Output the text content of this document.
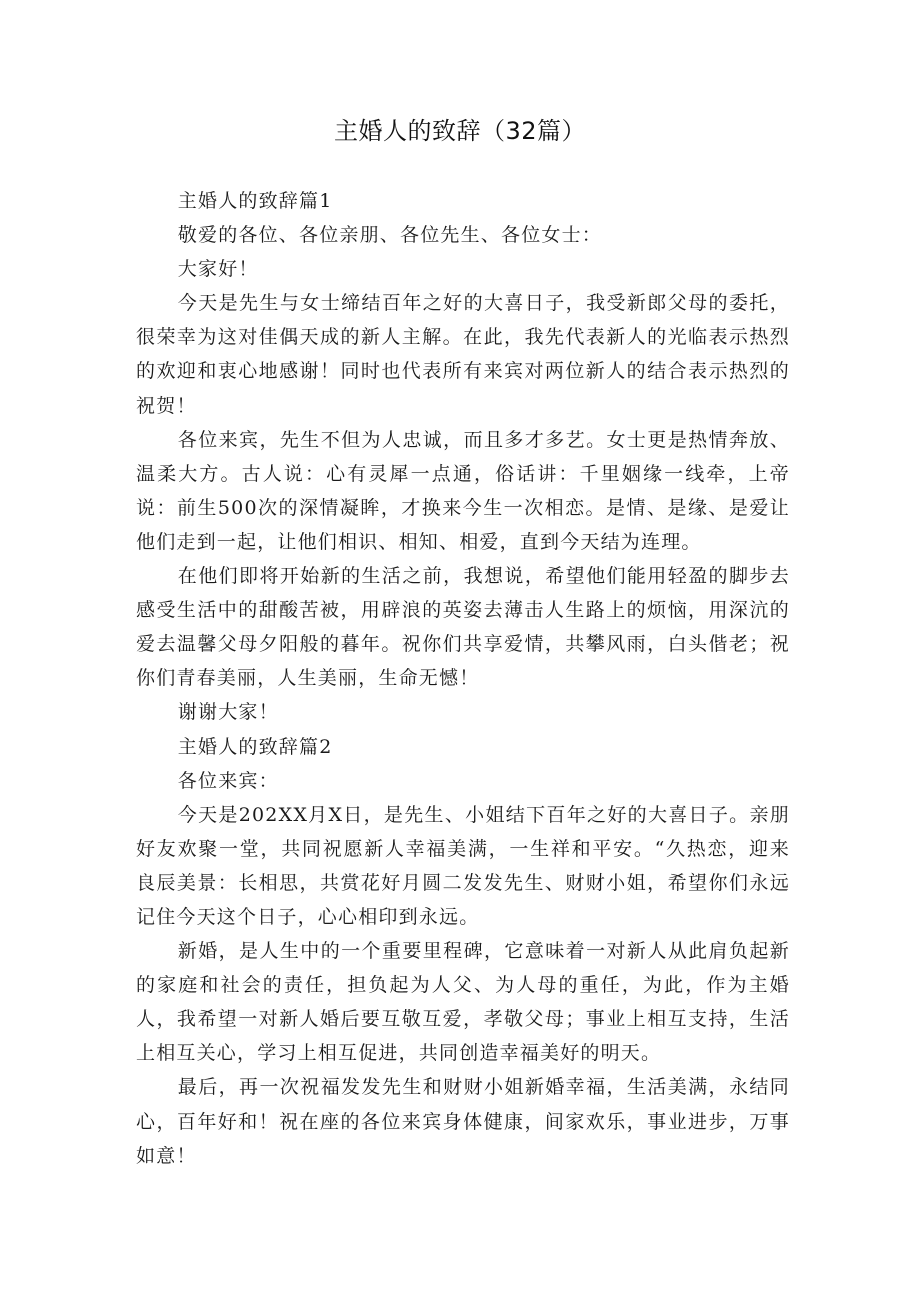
主婚人的致辞（32篇）

主婚人的致辞篇1

敬爱的各位、各位亲朋、各位先生、各位女士：

大家好！

今天是先生与女士缔结百年之好的大喜日子，我受新郎父母的委托，很荣幸为这对佳偶天成的新人主解。在此，我先代表新人的光临表示热烈的欢迎和衷心地感谢！同时也代表所有来宾对两位新人的结合表示热烈的祝贺！

各位来宾，先生不但为人忠诚，而且多才多艺。女士更是热情奔放、温柔大方。古人说：心有灵犀一点通，俗话讲：千里姻缘一线牵，上帝说：前生500次的深情凝眸，才换来今生一次相恋。是情、是缘、是爱让他们走到一起，让他们相识、相知、相爱，直到今天结为连理。

在他们即将开始新的生活之前，我想说，希望他们能用轻盈的脚步去感受生活中的甜酸苦被，用辟浪的英姿去薄击人生路上的烦恼，用深沆的爱去温馨父母夕阳般的暮年。祝你们共享爱情，共攀风雨，白头偕老；祝你们青春美丽，人生美丽，生命无憾！

谢谢大家！

主婚人的致辞篇2

各位来宾：

今天是202XX月X日，是先生、小姐结下百年之好的大喜日子。亲朋好友欢聚一堂，共同祝愿新人幸福美满，一生祥和平安。“久热恋，迎来良辰美景：长相思，共赏花好月圆二发发先生、财财小姐，希望你们永远记住今天这个日子，心心相印到永远。

新婚，是人生中的一个重要里程碑，它意味着一对新人从此肩负起新的家庭和社会的责任，担负起为人父、为人母的重任，为此，作为主婚人，我希望一对新人婚后要互敬互爱，孝敬父母；事业上相互支持，生活上相互关心，学习上相互促进，共同创造幸福美好的明天。

最后，再一次祝福发发先生和财财小姐新婚幸福，生活美满，永结同心，百年好和！祝在座的各位来宾身体健康，间家欢乐，事业进步，万事如意！
